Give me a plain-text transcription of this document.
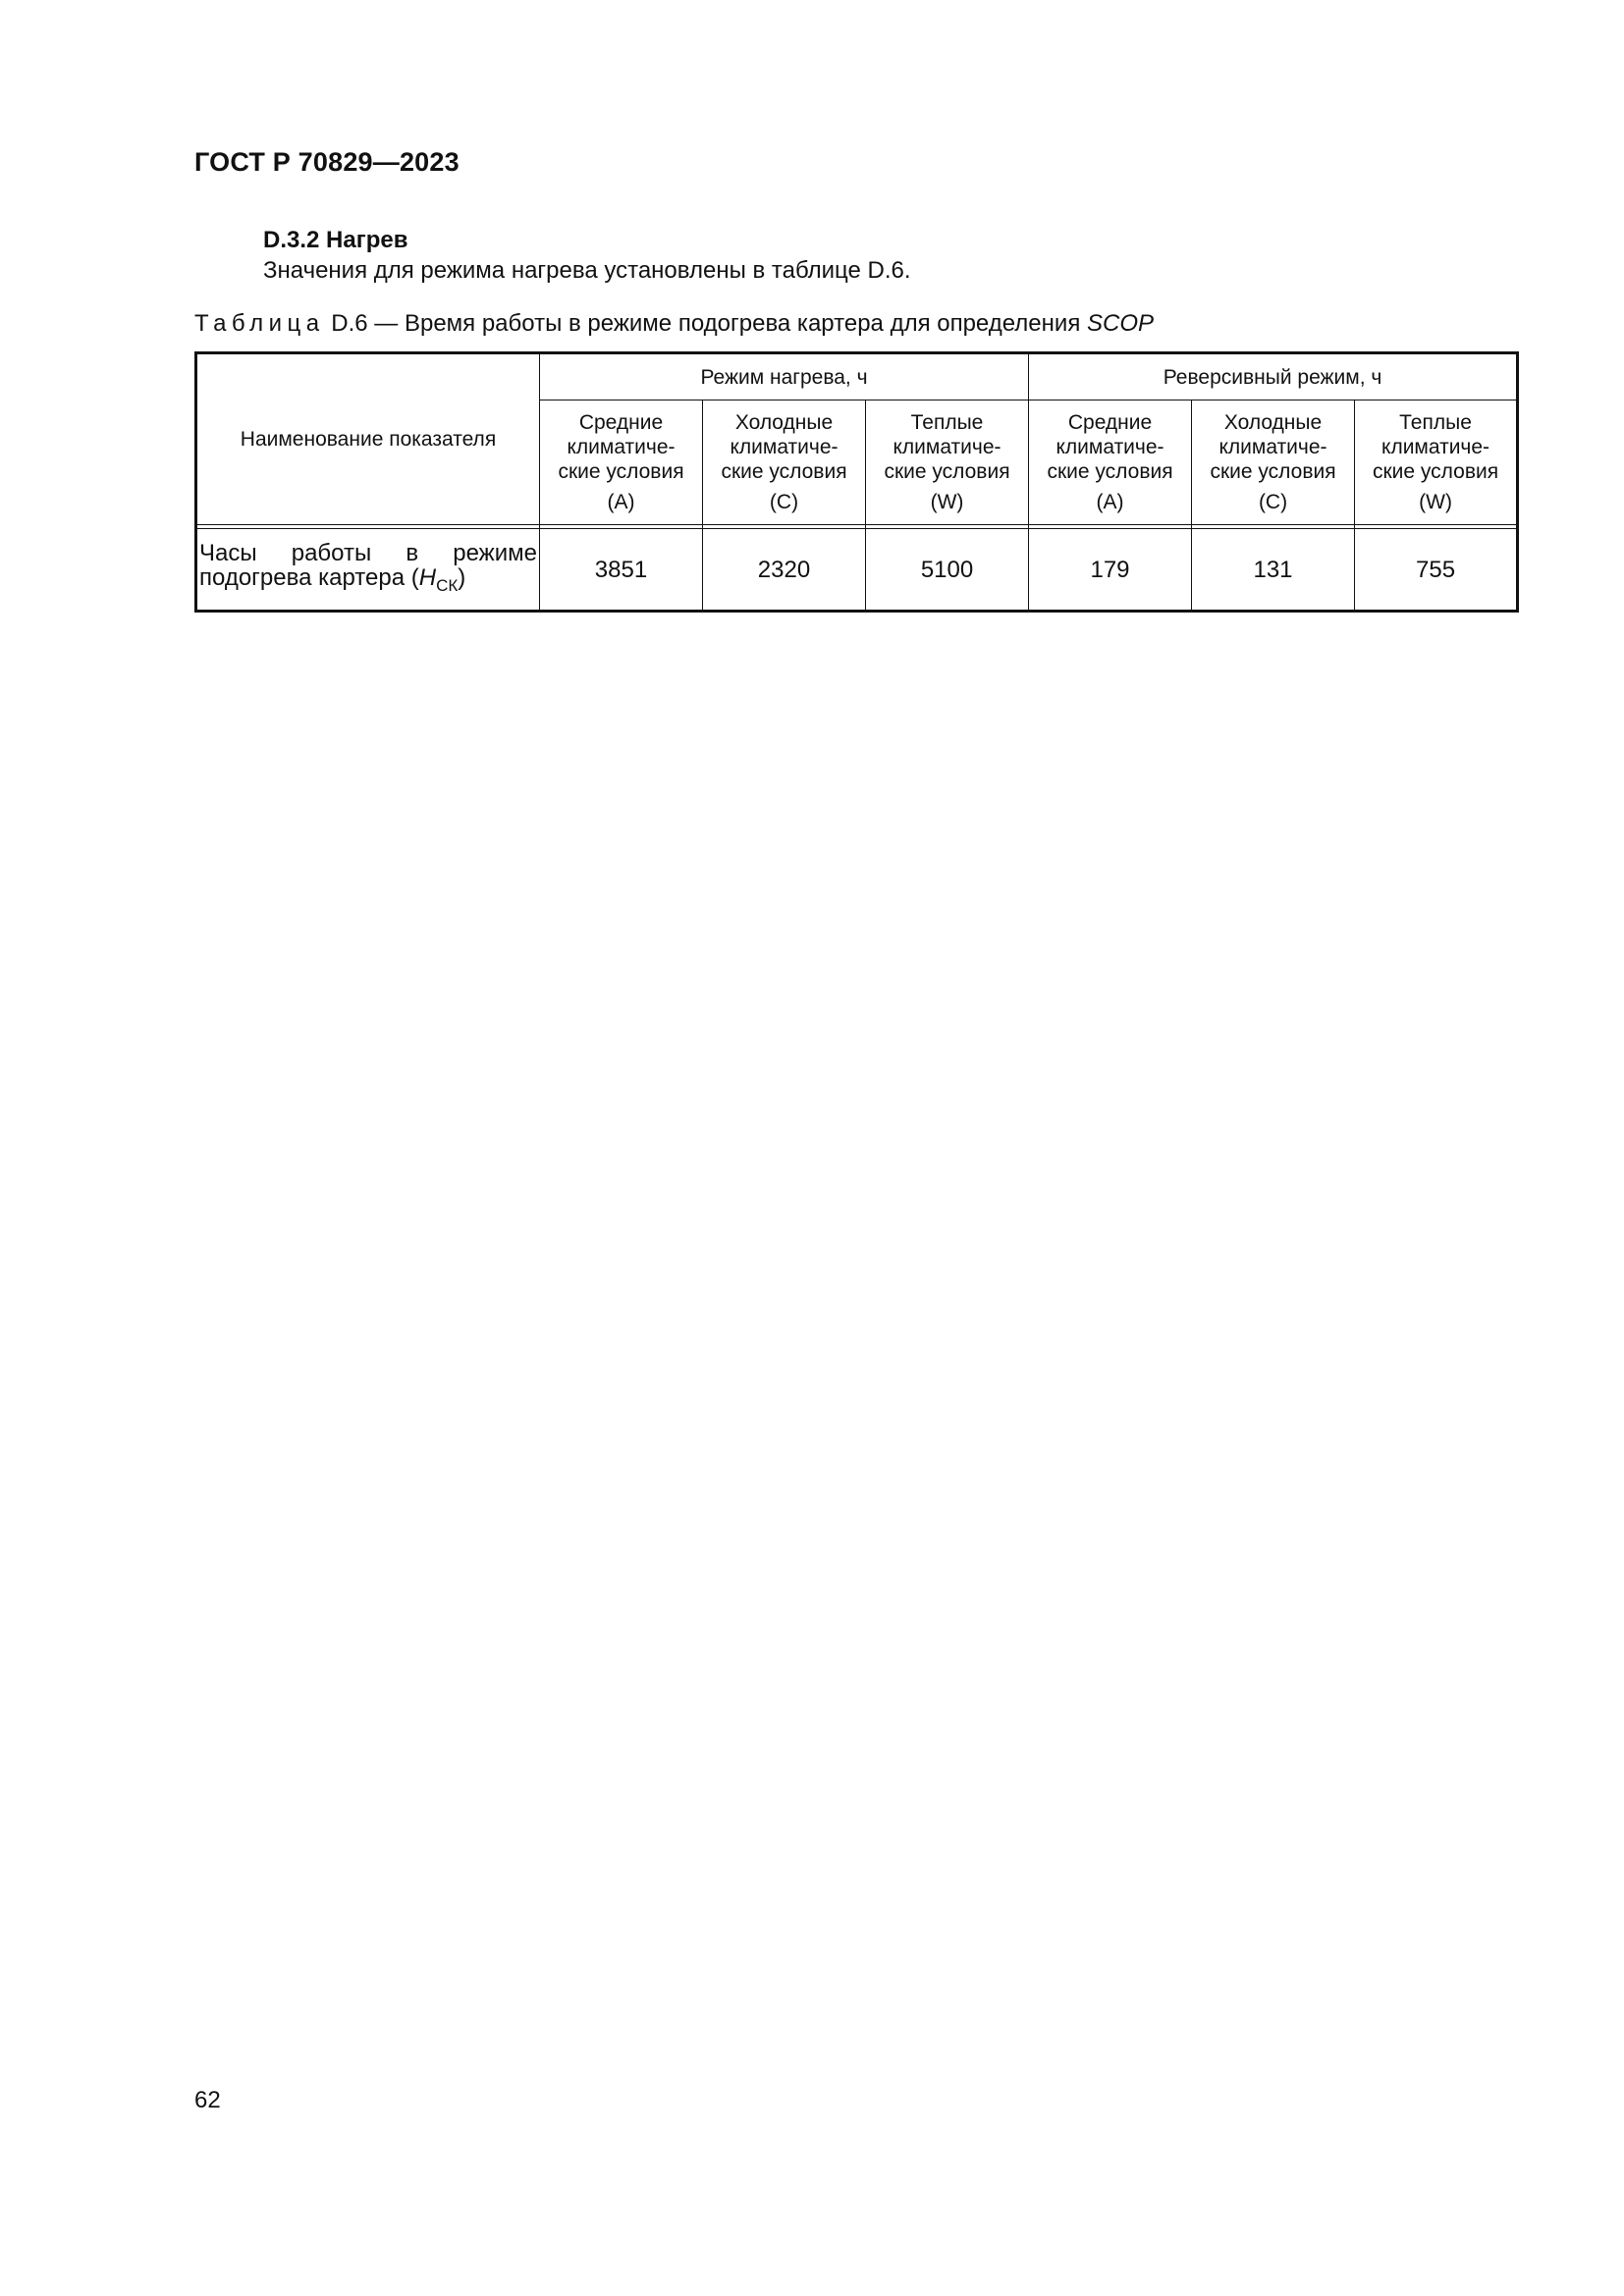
ГОСТ Р 70829—2023
D.3.2 Нагрев
Значения для режима нагрева установлены в таблице D.6.
Таблица D.6 — Время работы в режиме подогрева картера для определения SCOP
Наименование показателя	Режим нагрева, ч			Реверсивный режим, ч		
	Средние
климатиче-
ские условия
(А)	Холодные
климатиче-
ские условия
(С)	Теплые
климатиче-
ские условия
(W)	Средние
климатиче-
ские условия
(А)	Холодные
климатиче-
ские условия
(С)	Теплые
климатиче-
ские условия
(W)

Часы работы в режиме
подогрева картера $(H_{СК})$	3851	2320	5100	179	131	755
62
